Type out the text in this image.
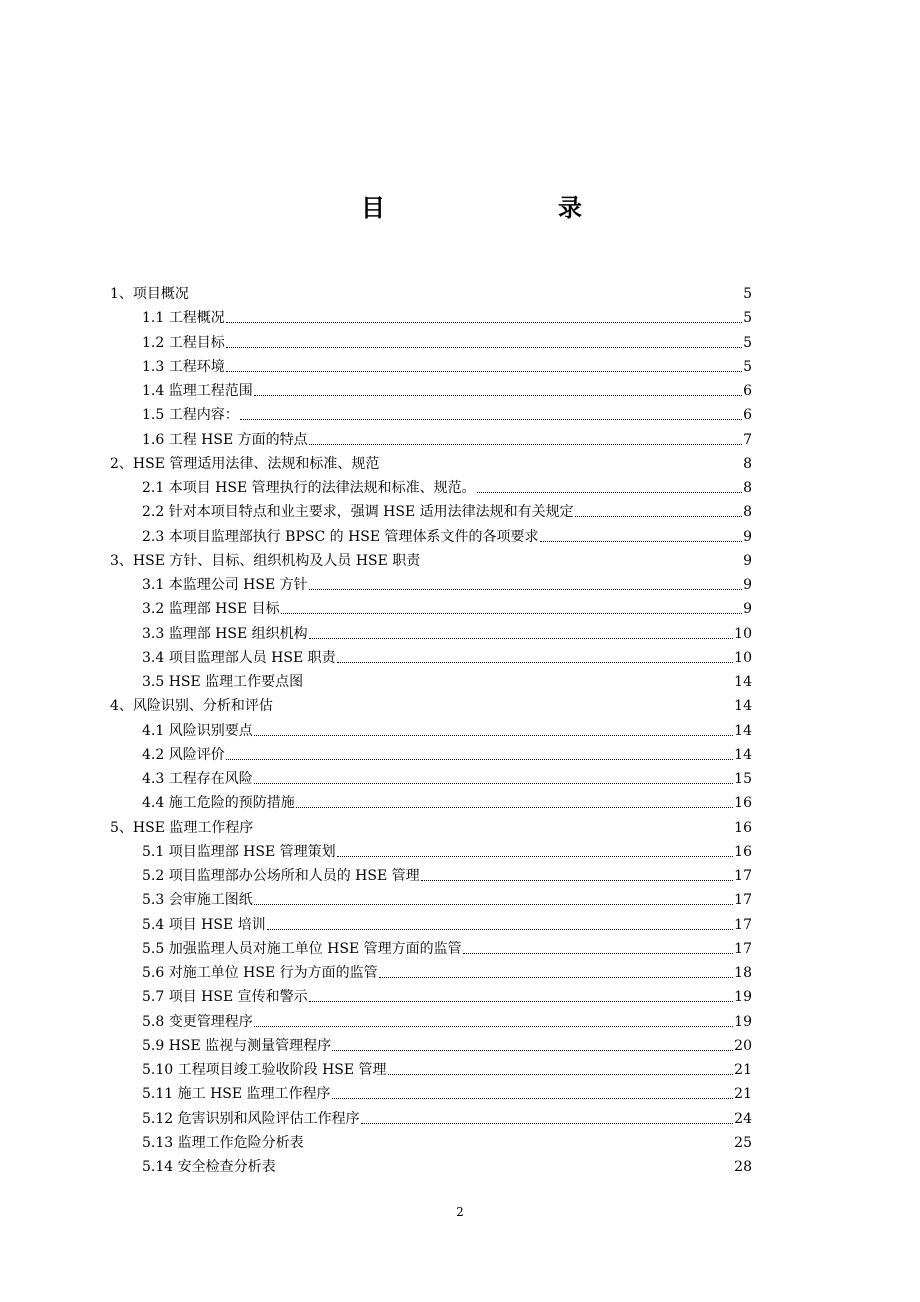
目	录
1、项目概况	5
1.1 工程概况	5
1.2 工程目标	5
1.3 工程环境	5
1.4 监理工程范围	6
1.5 工程内容：	6
1.6 工程 HSE 方面的特点	7
2、HSE 管理适用法律、法规和标准、规范	8
2.1 本项目 HSE 管理执行的法律法规和标准、规范。	8
2.2 针对本项目特点和业主要求，强调 HSE 适用法律法规和有关规定	8
2.3 本项目监理部执行 BPSC 的 HSE 管理体系文件的各项要求	9
3、HSE 方针、目标、组织机构及人员 HSE 职责	9
3.1 本监理公司 HSE 方针	9
3.2 监理部 HSE 目标	9
3.3 监理部 HSE 组织机构	10
3.4 项目监理部人员 HSE 职责	10
3.5 HSE 监理工作要点图	14
4、风险识别、分析和评估	14
4.1 风险识别要点	14
4.2 风险评价	14
4.3 工程存在风险	15
4.4 施工危险的预防措施	16
5、HSE 监理工作程序	16
5.1 项目监理部 HSE 管理策划	16
5.2 项目监理部办公场所和人员的 HSE 管理	17
5.3 会审施工图纸	17
5.4 项目 HSE 培训	17
5.5 加强监理人员对施工单位 HSE 管理方面的监管	17
5.6 对施工单位 HSE 行为方面的监管	18
5.7 项目 HSE 宣传和警示	19
5.8 变更管理程序	19
5.9 HSE 监视与测量管理程序	20
5.10 工程项目竣工验收阶段 HSE 管理	21
5.11 施工 HSE 监理工作程序	21
5.12 危害识别和风险评估工作程序	24
5.13 监理工作危险分析表	25
5.14 安全检查分析表	28
2
